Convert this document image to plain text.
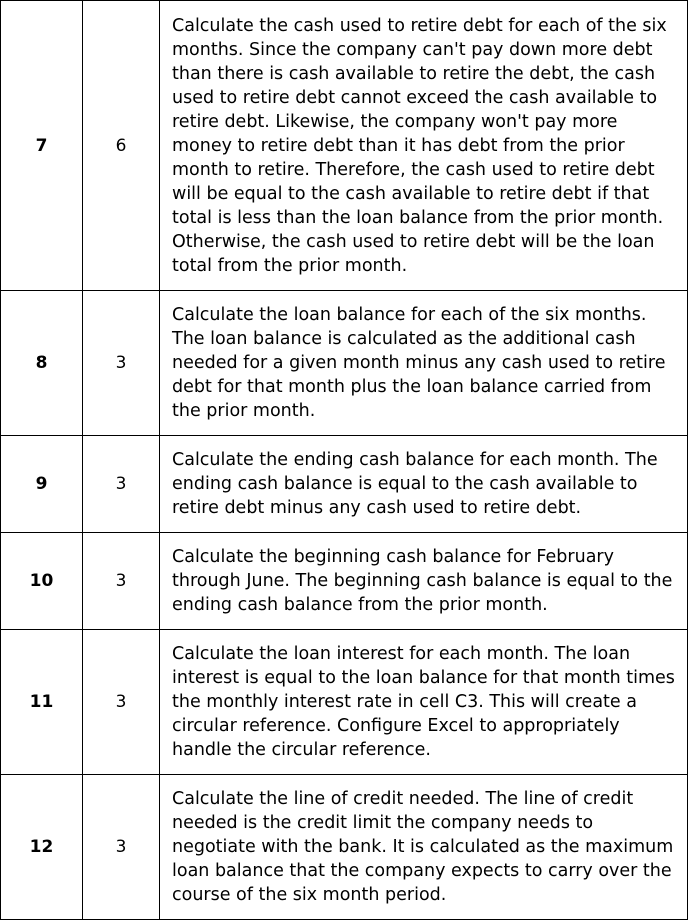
7	6	Calculate the cash used to retire debt for each of the six months. Since the company can't pay down more debt than there is cash available to retire the debt, the cash used to retire debt cannot exceed the cash available to retire debt. Likewise, the company won't pay more money to retire debt than it has debt from the prior month to retire. Therefore, the cash used to retire debt will be equal to the cash available to retire debt if that total is less than the loan balance from the prior month. Otherwise, the cash used to retire debt will be the loan total from the prior month.
8	3	Calculate the loan balance for each of the six months. The loan balance is calculated as the additional cash needed for a given month minus any cash used to retire debt for that month plus the loan balance carried from the prior month.
9	3	Calculate the ending cash balance for each month. The ending cash balance is equal to the cash available to retire debt minus any cash used to retire debt.
10	3	Calculate the beginning cash balance for February through June. The beginning cash balance is equal to the ending cash balance from the prior month.
11	3	Calculate the loan interest for each month. The loan interest is equal to the loan balance for that month times the monthly interest rate in cell C3. This will create a circular reference. Configure Excel to appropriately handle the circular reference.
12	3	Calculate the line of credit needed. The line of credit needed is the credit limit the company needs to negotiate with the bank. It is calculated as the maximum loan balance that the company expects to carry over the course of the six month period.
